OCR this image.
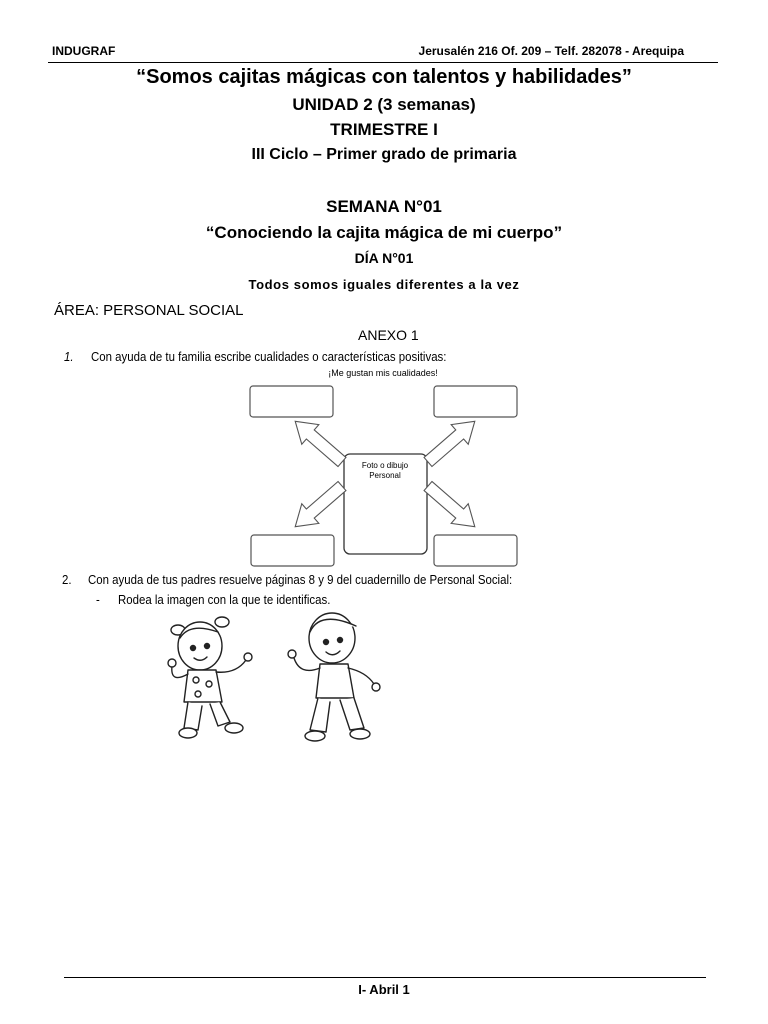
INDUGRAF	Jerusalén 216 Of. 209 – Telf. 282078 - Arequipa
“Somos cajitas mágicas con talentos y habilidades”
UNIDAD 2 (3 semanas)
TRIMESTRE I
III Ciclo – Primer grado de primaria
SEMANA N°01
“Conociendo la cajita mágica de mi cuerpo”
DÍA N°01
Todos somos iguales diferentes a la vez
ÁREA: PERSONAL SOCIAL
ANEXO 1
1. Con ayuda de tu familia escribe cualidades o características positivas:
¡Me gustan mis cualidades!
Foto o dibujo
Personal
2. Con ayuda de tus padres resuelve páginas 8 y 9 del cuadernillo de Personal Social:
- Rodea la imagen con la que te identificas.
I- Abril 1
